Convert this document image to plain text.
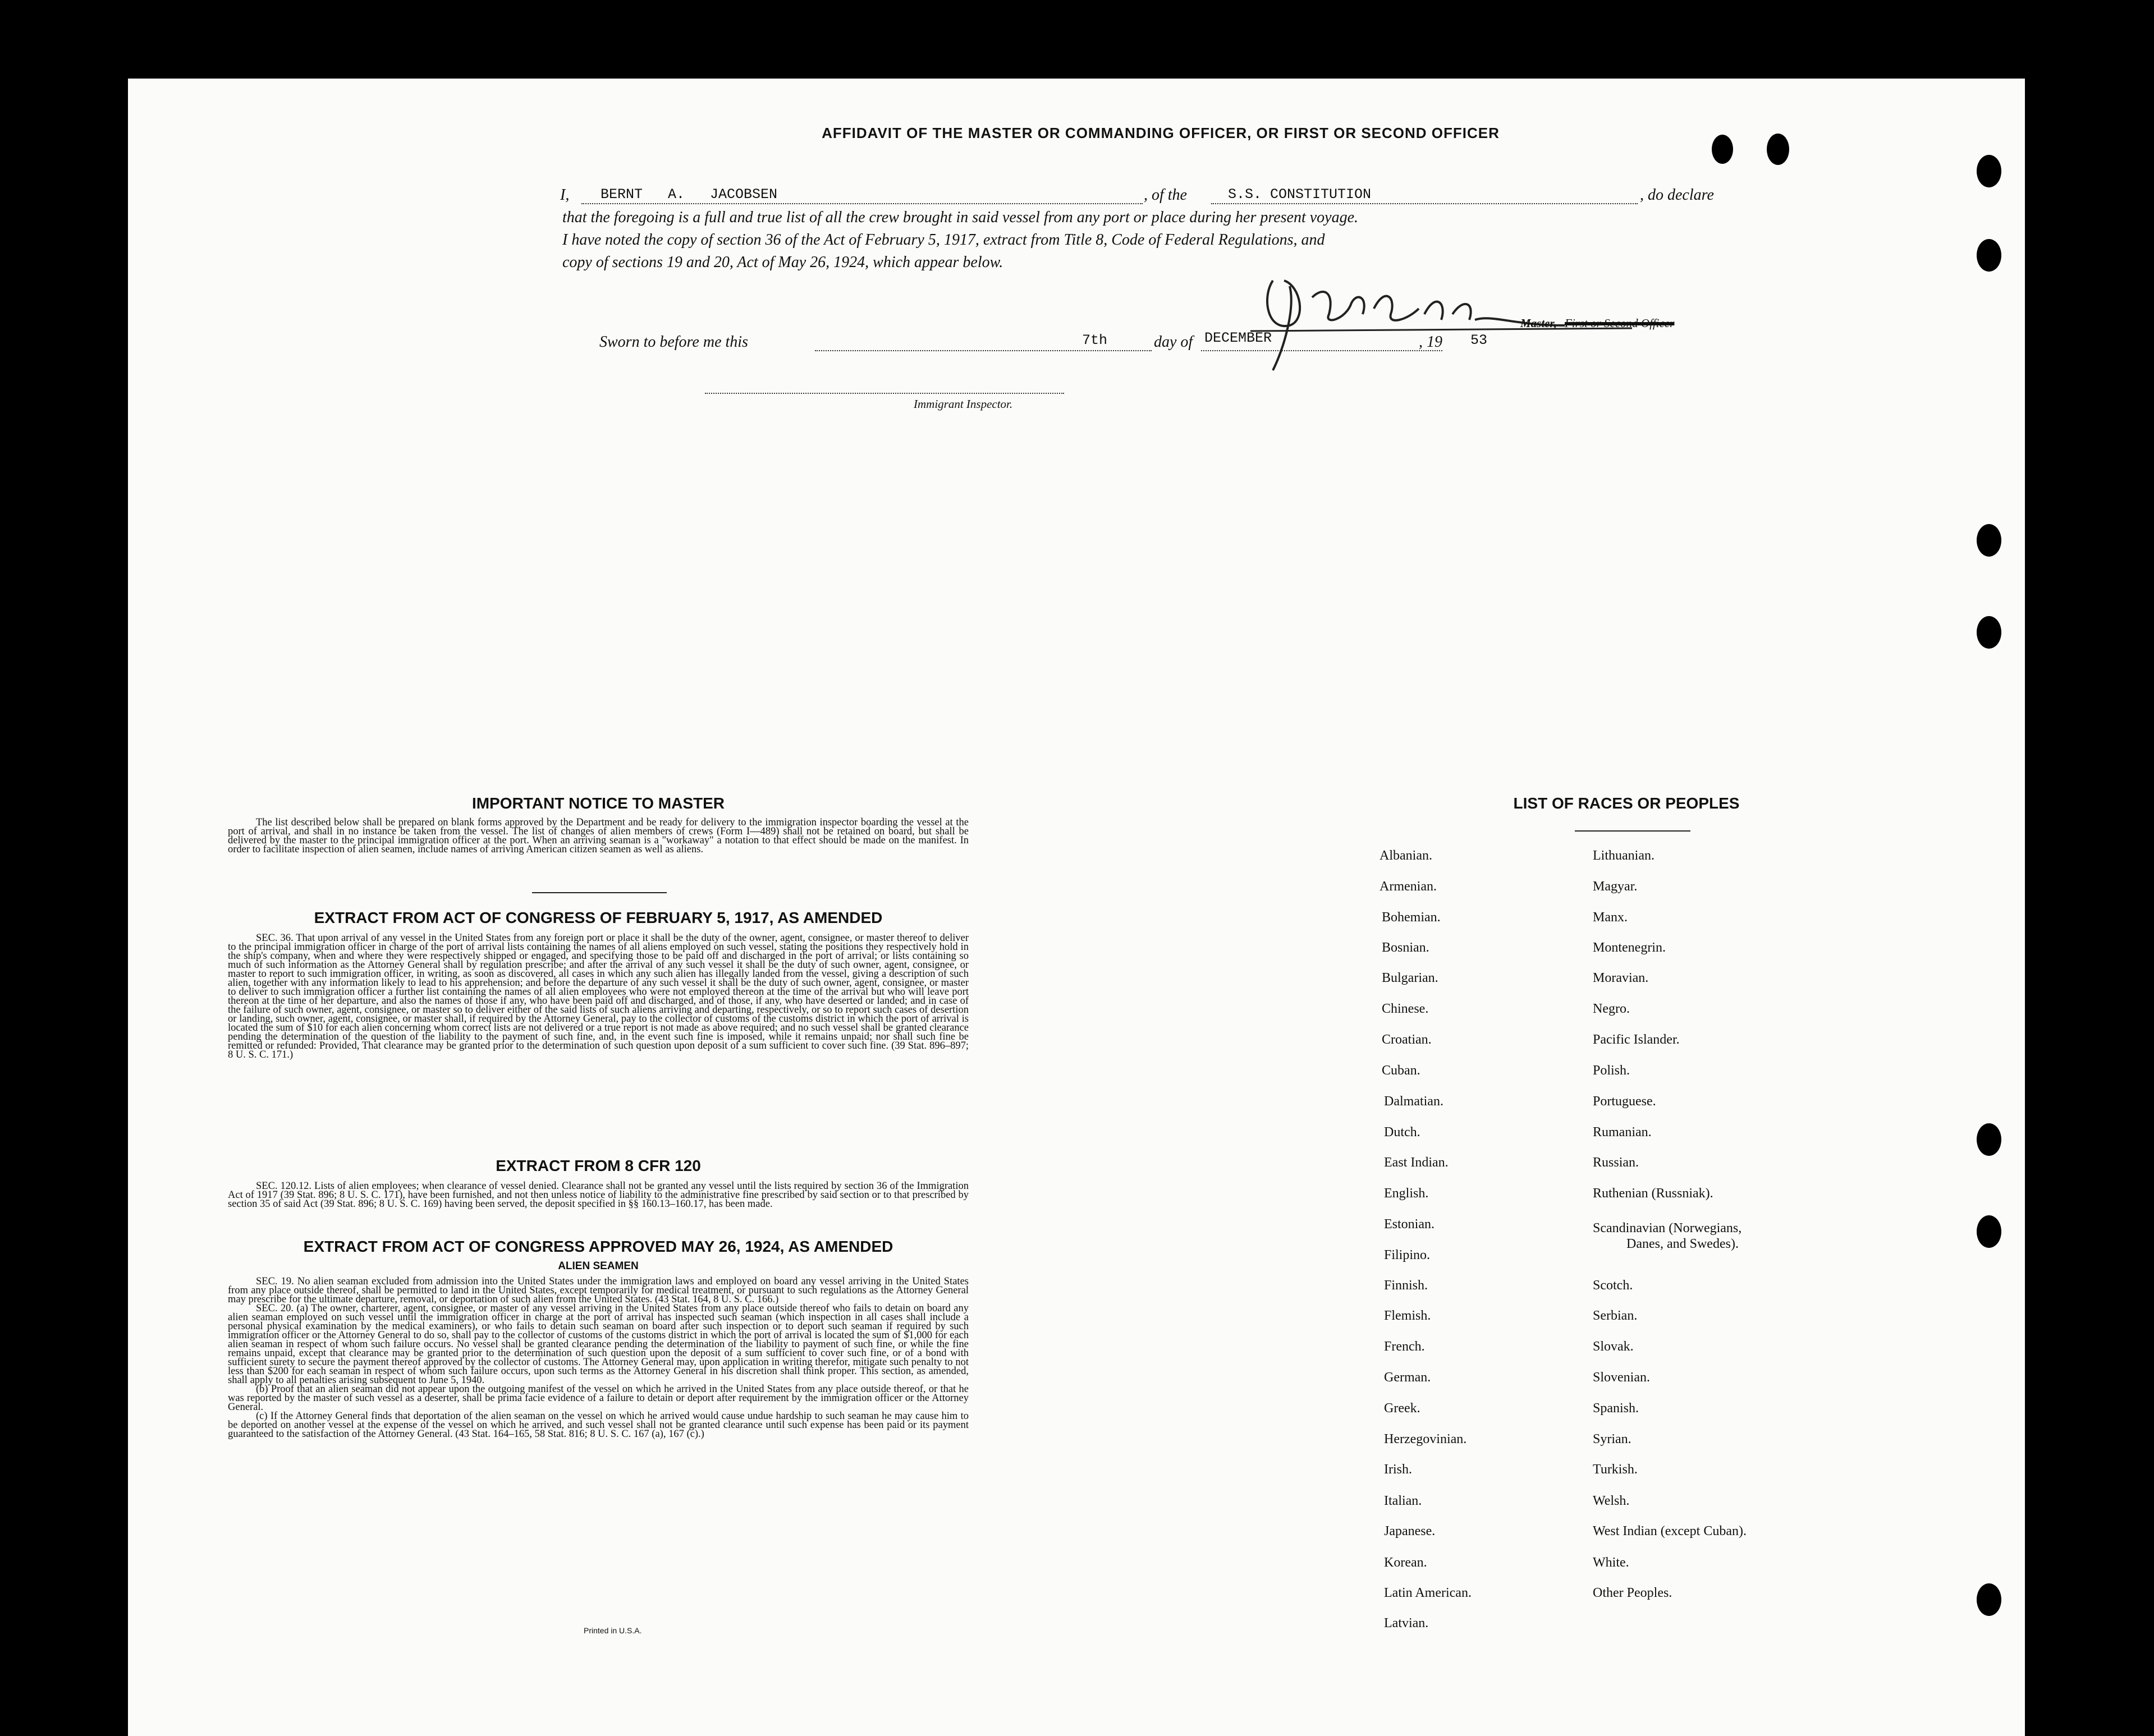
AFFIDAVIT OF THE MASTER OR COMMANDING OFFICER, OR FIRST OR SECOND OFFICER
I, BERNT A. JACOBSEN	, of the	S.S. CONSTITUTION	, do declare
that the foregoing is a full and true list of all the crew brought in said vessel from any port or place during her present voyage.
I have noted the copy of section 36 of the Act of February 5, 1917, extract from Title 8, Code of Federal Regulations, and
copy of sections 19 and 20, Act of May 26, 1924, which appear below.
Master, First or Second Officer
Sworn to before me this	7th	day of DECEMBER	, 19 53
Immigrant Inspector.
IMPORTANT NOTICE TO MASTER
The list described below shall be prepared on blank forms approved by the Department and be ready for delivery to the immigration inspector boarding the vessel at the port of arrival, and shall in no instance be taken from the vessel. The list of changes of alien members of crews (Form I—489) shall not be retained on board, but shall be delivered by the master to the principal immigration officer at the port. When an arriving seaman is a "workaway" a notation to that effect should be made on the manifest. In order to facilitate inspection of alien seamen, include names of arriving American citizen seamen as well as aliens.
EXTRACT FROM ACT OF CONGRESS OF FEBRUARY 5, 1917, AS AMENDED
SEC. 36. That upon arrival of any vessel in the United States from any foreign port or place it shall be the duty of the owner, agent, consignee, or master thereof to deliver to the principal immigration officer in charge of the port of arrival lists containing the names of all aliens employed on such vessel, stating the positions they respectively hold in the ship's company, when and where they were respectively shipped or engaged, and specifying those to be paid off and discharged in the port of arrival; or lists containing so much of such information as the Attorney General shall by regulation prescribe; and after the arrival of any such vessel it shall be the duty of such owner, agent, consignee, or master to report to such immigration officer, in writing, as soon as discovered, all cases in which any such alien has illegally landed from the vessel, giving a description of such alien, together with any information likely to lead to his apprehension; and before the departure of any such vessel it shall be the duty of such owner, agent, consignee, or master to deliver to such immigration officer a further list containing the names of all alien employees who were not employed thereon at the time of the arrival but who will leave port thereon at the time of her departure, and also the names of those if any, who have been paid off and discharged, and of those, if any, who have deserted or landed; and in case of the failure of such owner, agent, consignee, or master so to deliver either of the said lists of such aliens arriving and departing, respectively, or so to report such cases of desertion or landing, such owner, agent, consignee, or master shall, if required by the Attorney General, pay to the collector of customs of the customs district in which the port of arrival is located the sum of $10 for each alien concerning whom correct lists are not delivered or a true report is not made as above required; and no such vessel shall be granted clearance pending the determination of the question of the liability to the payment of such fine, and, in the event such fine is imposed, while it remains unpaid; nor shall such fine be remitted or refunded: Provided, That clearance may be granted prior to the determination of such question upon deposit of a sum sufficient to cover such fine. (39 Stat. 896–897; 8 U. S. C. 171.)
EXTRACT FROM 8 CFR 120
SEC. 120.12. Lists of alien employees; when clearance of vessel denied. Clearance shall not be granted any vessel until the lists required by section 36 of the Immigration Act of 1917 (39 Stat. 896; 8 U. S. C. 171), have been furnished, and not then unless notice of liability to the administrative fine prescribed by said section or to that prescribed by section 35 of said Act (39 Stat. 896; 8 U. S. C. 169) having been served, the deposit specified in §§ 160.13–160.17, has been made.
EXTRACT FROM ACT OF CONGRESS APPROVED MAY 26, 1924, AS AMENDED
ALIEN SEAMEN

SEC. 19. No alien seaman excluded from admission into the United States under the immigration laws and employed on board any vessel arriving in the United States from any place outside thereof, shall be permitted to land in the United States, except temporarily for medical treatment, or pursuant to such regulations as the Attorney General may prescribe for the ultimate departure, removal, or deportation of such alien from the United States. (43 Stat. 164, 8 U. S. C. 166.)

SEC. 20. (a) The owner, charterer, agent, consignee, or master of any vessel arriving in the United States from any place outside thereof who fails to detain on board any alien seaman employed on such vessel until the immigration officer in charge at the port of arrival has inspected such seaman (which inspection in all cases shall include a personal physical examination by the medical examiners), or who fails to detain such seaman on board after such inspection or to deport such seaman if required by such immigration officer or the Attorney General to do so, shall pay to the collector of customs of the customs district in which the port of arrival is located the sum of $1,000 for each alien seaman in respect of whom such failure occurs. No vessel shall be granted clearance pending the determination of the liability to payment of such fine, or while the fine remains unpaid, except that clearance may be granted prior to the determination of such question upon the deposit of a sum sufficient to cover such fine, or of a bond with sufficient surety to secure the payment thereof approved by the collector of customs. The Attorney General may, upon application in writing therefor, mitigate such penalty to not less than $200 for each seaman in respect of whom such failure occurs, upon such terms as the Attorney General in his discretion shall think proper. This section, as amended, shall apply to all penalties arising subsequent to June 5, 1940.

(b) Proof that an alien seaman did not appear upon the outgoing manifest of the vessel on which he arrived in the United States from any place outside thereof, or that he was reported by the master of such vessel as a deserter, shall be prima facie evidence of a failure to detain or deport after requirement by the immigration officer or the Attorney General.

(c) If the Attorney General finds that deportation of the alien seaman on the vessel on which he arrived would cause undue hardship to such seaman he may cause him to be deported on another vessel at the expense of the vessel on which he arrived, and such vessel shall not be granted clearance until such expense has been paid or its payment guaranteed to the satisfaction of the Attorney General. (43 Stat. 164–165, 58 Stat. 816; 8 U. S. C. 167 (a), 167 (c).)

Printed in U.S.A.
LIST OF RACES OR PEOPLES
Albanian.
Armenian.
Bohemian.
Bosnian.
Bulgarian.
Chinese.
Croatian.
Cuban.
Dalmatian.
Dutch.
East Indian.
English.
Estonian.
Filipino.
Finnish.
Flemish.
French.
German.
Greek.
Herzegovinian.
Irish.
Italian.
Japanese.
Korean.
Latin American.
Latvian.
Lithuanian.
Magyar.
Manx.
Montenegrin.
Moravian.
Negro.
Pacific Islander.
Polish.
Portuguese.
Rumanian.
Russian.
Ruthenian (Russniak).
Scandinavian (Norwegians,
Danes, and Swedes).
Scotch.
Serbian.
Slovak.
Slovenian.
Spanish.
Syrian.
Turkish.
Welsh.
West Indian (except Cuban).
White.
Other Peoples.
